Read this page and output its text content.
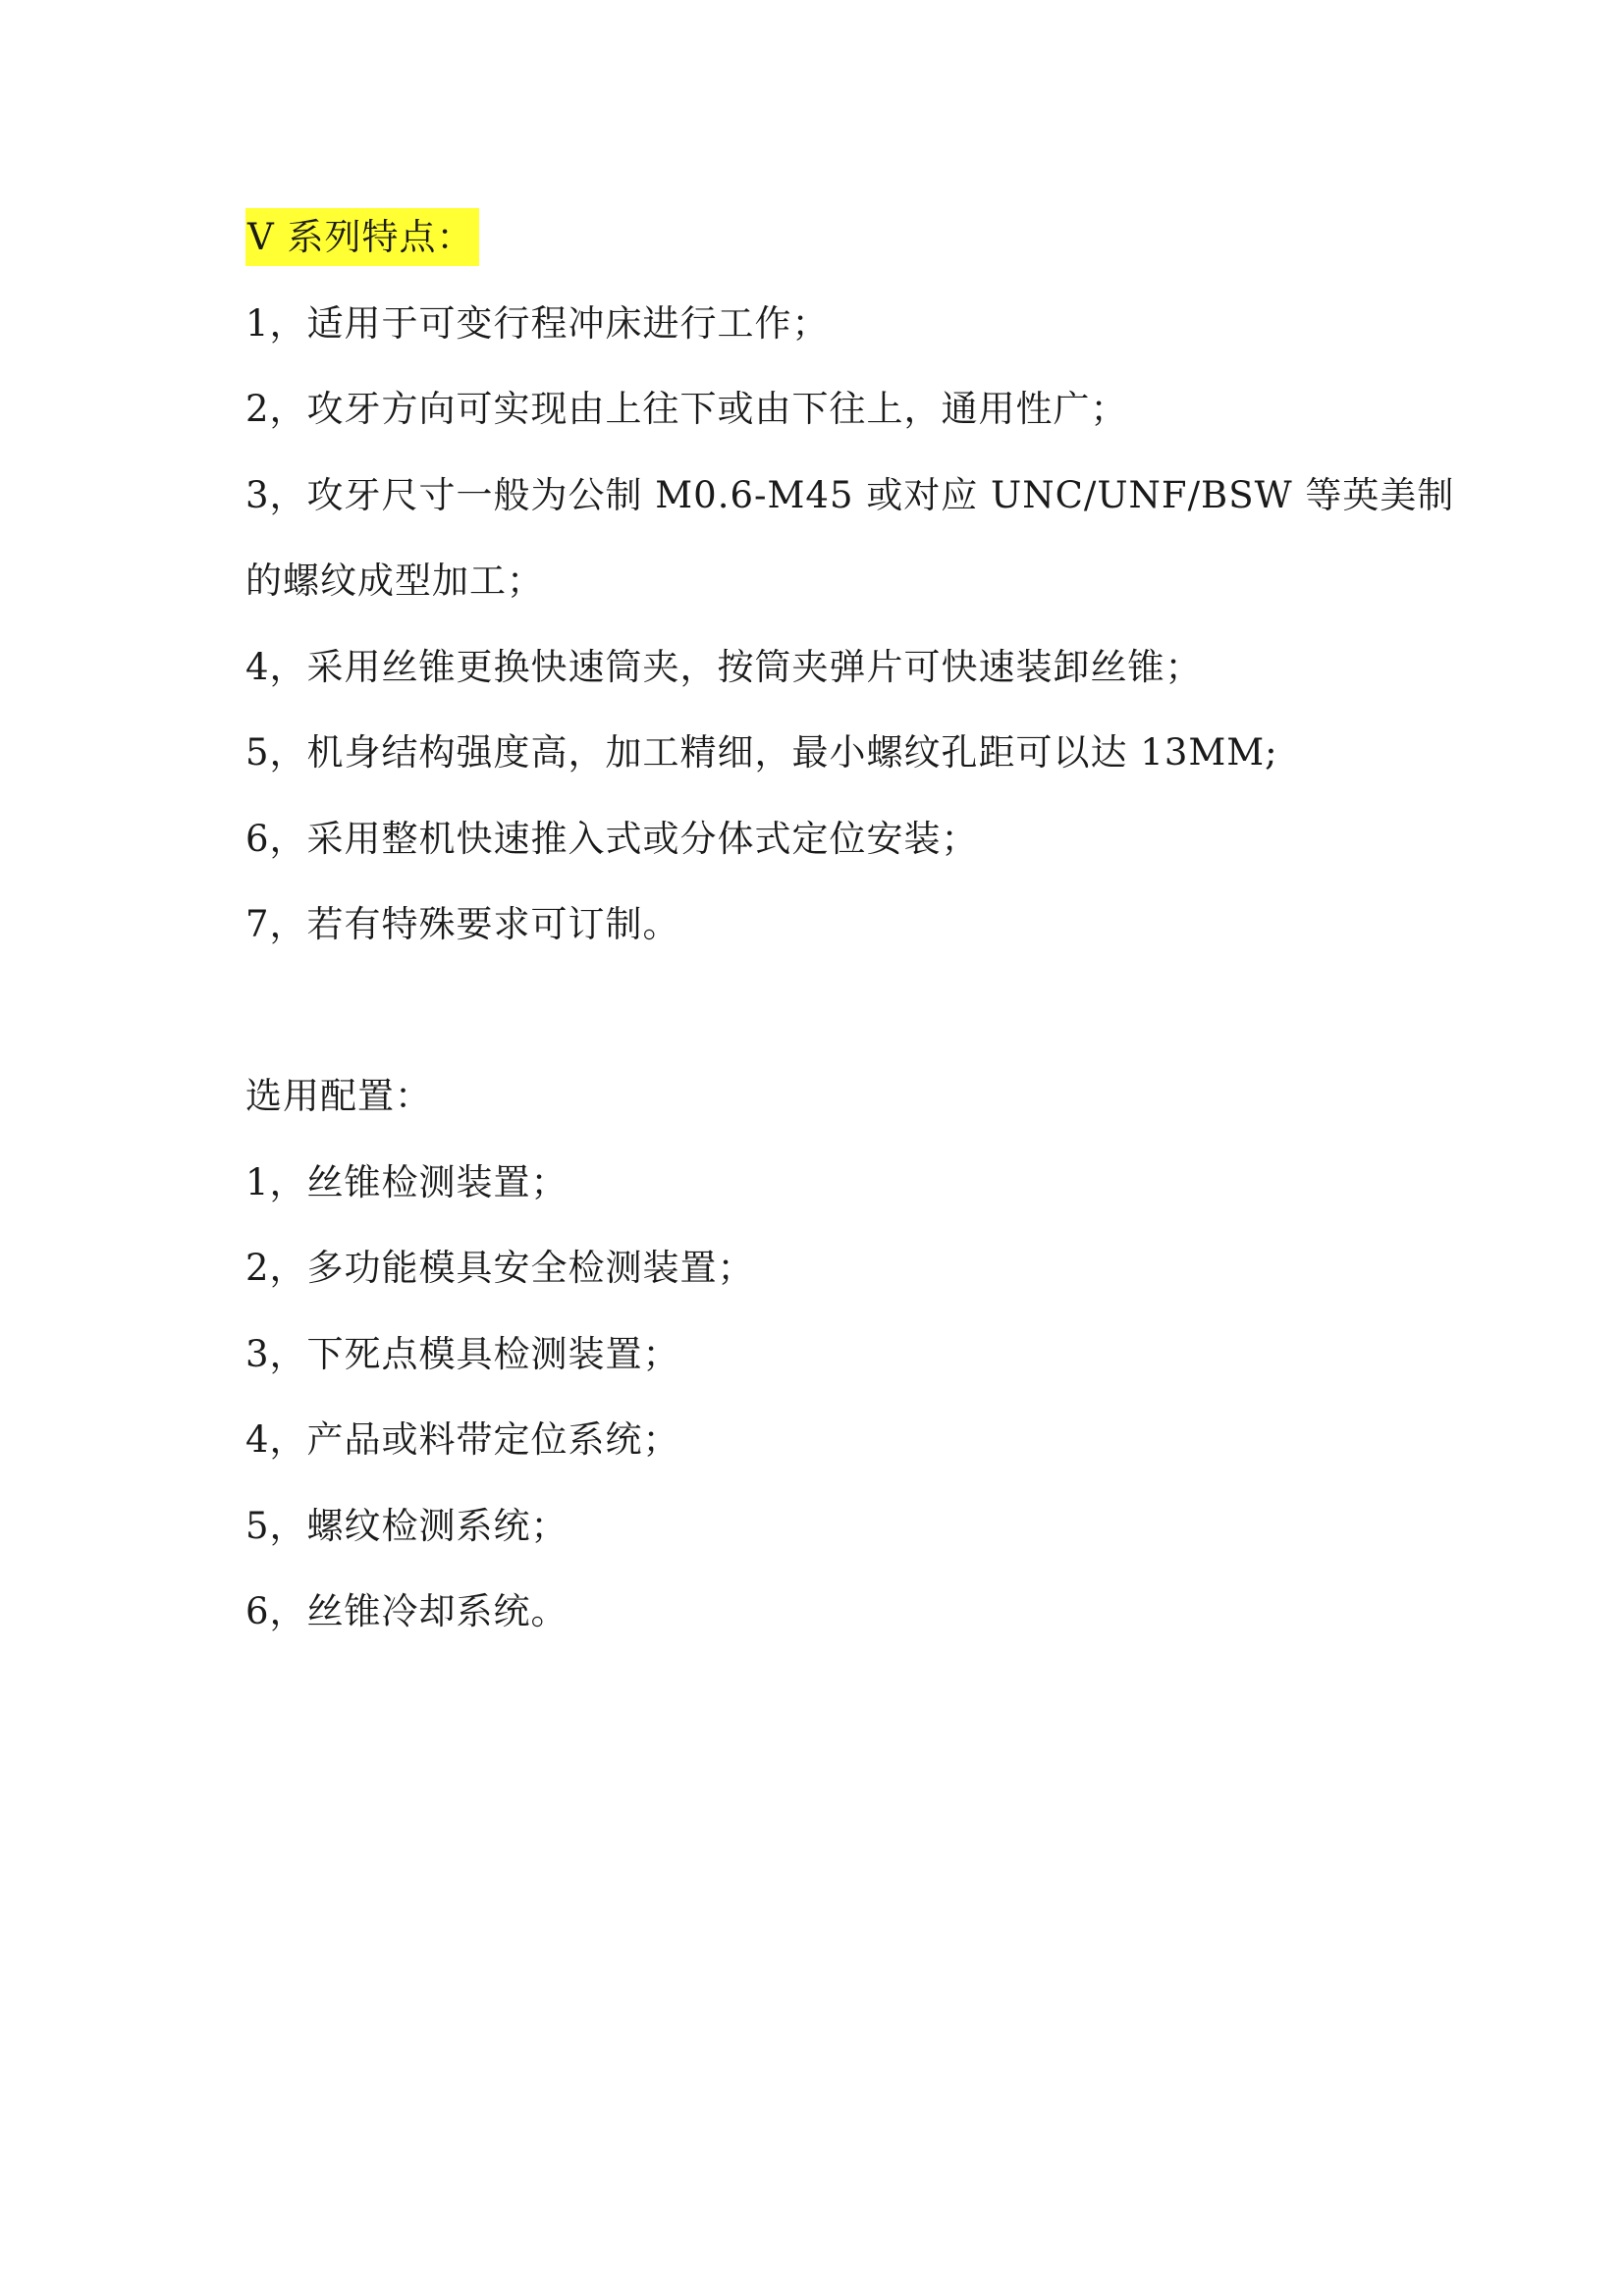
V 系列特点：
1，适用于可变行程冲床进行工作；
2，攻牙方向可实现由上往下或由下往上，通用性广；
3，攻牙尺寸一般为公制 M0.6-M45 或对应 UNC/UNF/BSW 等英美制
的螺纹成型加工；
4，采用丝锥更换快速筒夹，按筒夹弹片可快速装卸丝锥；
5，机身结构强度高，加工精细，最小螺纹孔距可以达 13MM;
6，采用整机快速推入式或分体式定位安装；
7，若有特殊要求可订制。
选用配置：
1，丝锥检测装置；
2，多功能模具安全检测装置；
3，下死点模具检测装置；
4，产品或料带定位系统；
5，螺纹检测系统；
6，丝锥冷却系统。
